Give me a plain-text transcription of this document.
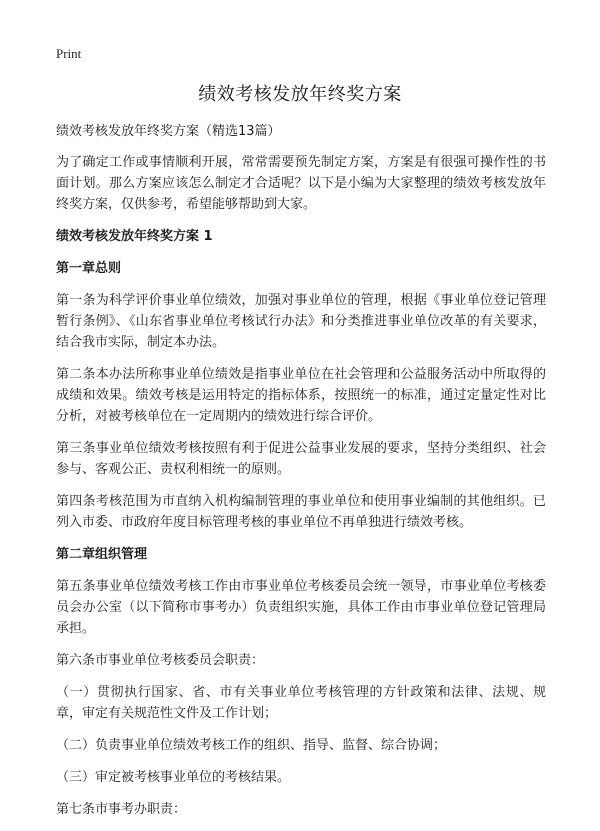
Print
绩效考核发放年终奖方案

绩效考核发放年终奖方案（精选13篇）

为了确定工作或事情顺利开展，常常需要预先制定方案，方案是有很强可操作性的书面计划。那么方案应该怎么制定才合适呢？以下是小编为大家整理的绩效考核发放年终奖方案，仅供参考，希望能够帮助到大家。

绩效考核发放年终奖方案 1
第一章总则

第一条为科学评价事业单位绩效，加强对事业单位的管理，根据《事业单位登记管理暂行条例》、《山东省事业单位考核试行办法》和分类推进事业单位改革的有关要求，结合我市实际，制定本办法。

第二条本办法所称事业单位绩效是指事业单位在社会管理和公益服务活动中所取得的成绩和效果。绩效考核是运用特定的指标体系，按照统一的标准，通过定量定性对比分析，对被考核单位在一定周期内的绩效进行综合评价。

第三条事业单位绩效考核按照有利于促进公益事业发展的要求，坚持分类组织、社会参与、客观公正、责权利相统一的原则。

第四条考核范围为市直纳入机构编制管理的事业单位和使用事业编制的其他组织。已列入市委、市政府年度目标管理考核的事业单位不再单独进行绩效考核。

第二章组织管理

第五条事业单位绩效考核工作由市事业单位考核委员会统一领导，市事业单位考核委员会办公室（以下简称市事考办）负责组织实施，具体工作由市事业单位登记管理局承担。

第六条市事业单位考核委员会职责：

（一）贯彻执行国家、省、市有关事业单位考核管理的方针政策和法律、法规、规章，审定有关规范性文件及工作计划；

（二）负责事业单位绩效考核工作的组织、指导、监督、综合协调；

（三）审定被考核事业单位的考核结果。

第七条市事考办职责：
